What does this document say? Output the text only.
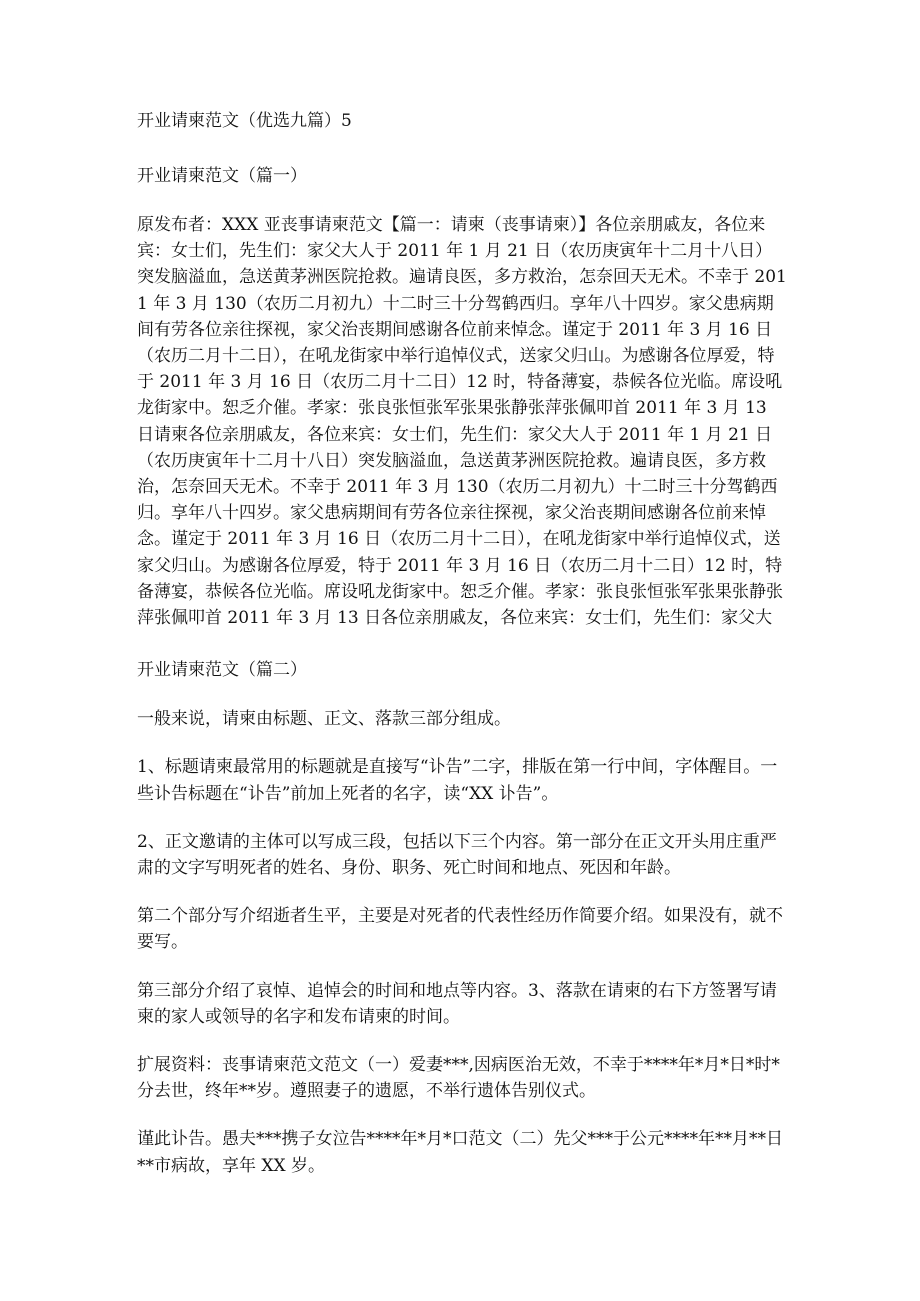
开业请柬范文（优选九篇）5
开业请柬范文（篇一）

原发布者：XXX 亚丧事请柬范文【篇一：请柬（丧事请柬）】各位亲朋戚友，各位来宾：女士们，先生们：家父大人于 2011 年 1 月 21 日（农历庚寅年十二月十八日）突发脑溢血，急送黄茅洲医院抢救。遍请良医，多方救治，怎奈回天无术。不幸于 2011 年 3 月 130（农历二月初九）十二时三十分驾鹤西归。享年八十四岁。家父患病期间有劳各位亲往探视，家父治丧期间感谢各位前来悼念。谨定于 2011 年 3 月 16 日（农历二月十二日），在吼龙街家中举行追悼仪式，送家父归山。为感谢各位厚爱，特于 2011 年 3 月 16 日（农历二月十二日）12 时，特备薄宴，恭候各位光临。席设吼龙街家中。恕乏介催。孝家：张良张恒张军张果张静张萍张佩叩首 2011 年 3 月 13 日请柬各位亲朋戚友，各位来宾：女士们，先生们：家父大人于 2011 年 1 月 21 日（农历庚寅年十二月十八日）突发脑溢血，急送黄茅洲医院抢救。遍请良医，多方救治，怎奈回天无术。不幸于 2011 年 3 月 130（农历二月初九）十二时三十分驾鹤西归。享年八十四岁。家父患病期间有劳各位亲往探视，家父治丧期间感谢各位前来悼念。谨定于 2011 年 3 月 16 日（农历二月十二日），在吼龙街家中举行追悼仪式，送家父归山。为感谢各位厚爱，特于 2011 年 3 月 16 日（农历二月十二日）12 时，特备薄宴，恭候各位光临。席设吼龙街家中。恕乏介催。孝家：张良张恒张军张果张静张萍张佩叩首 2011 年 3 月 13 日各位亲朋戚友，各位来宾：女士们，先生们：家父大

开业请柬范文（篇二）

一般来说，请柬由标题、正文、落款三部分组成。

1、标题请柬最常用的标题就是直接写“讣告”二字，排版在第一行中间，字体醒目。一些讣告标题在“讣告”前加上死者的名字，读“XX 讣告”。

2、正文邀请的主体可以写成三段，包括以下三个内容。第一部分在正文开头用庄重严肃的文字写明死者的姓名、身份、职务、死亡时间和地点、死因和年龄。

第二个部分写介绍逝者生平，主要是对死者的代表性经历作简要介绍。如果没有，就不要写。

第三部分介绍了哀悼、追悼会的时间和地点等内容。3、落款在请柬的右下方签署写请柬的家人或领导的名字和发布请柬的时间。

扩展资料：丧事请柬范文范文（一）爱妻***,因病医治无效，不幸于****年*月*日*时*分去世，终年**岁。遵照妻子的遗愿，不举行遗体告别仪式。

谨此讣告。愚夫***携子女泣告****年*月*口范文（二）先父***于公元****年**月**日**市病故，享年 XX 岁。
